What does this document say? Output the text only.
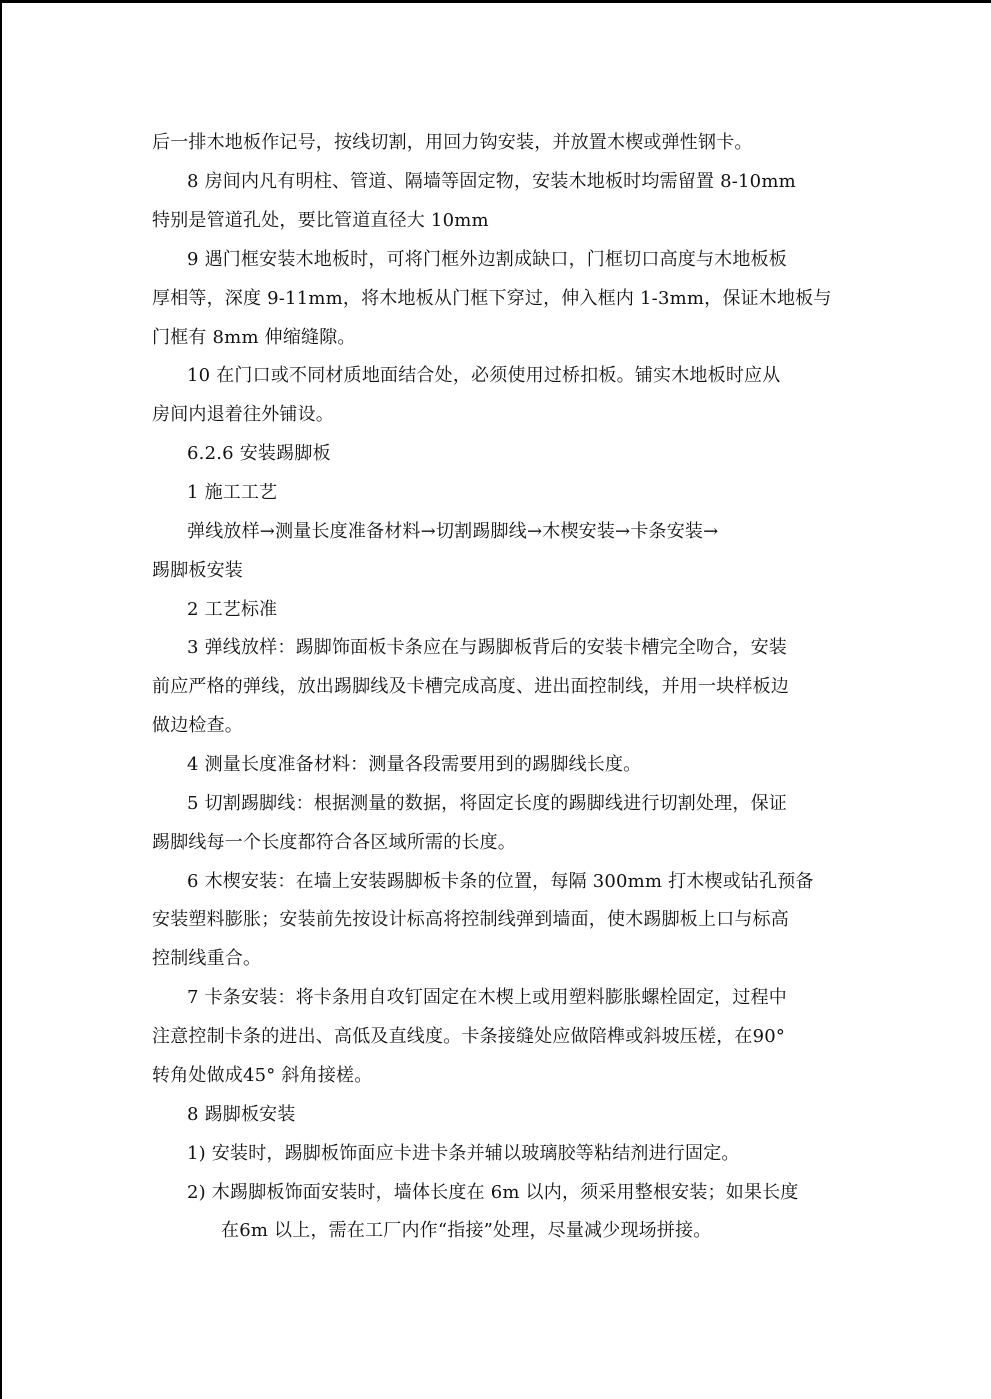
后一排木地板作记号，按线切割，用回力钩安装，并放置木楔或弹性钢卡。
8 房间内凡有明柱、管道、隔墙等固定物，安装木地板时均需留置 8-10mm
特别是管道孔处，要比管道直径大 10mm
9 遇门框安装木地板时，可将门框外边割成缺口，门框切口高度与木地板板
厚相等，深度 9-11mm，将木地板从门框下穿过，伸入框内 1-3mm，保证木地板与
门框有 8mm 伸缩缝隙。
10 在门口或不同材质地面结合处，必须使用过桥扣板。铺实木地板时应从
房间内退着往外铺设。
6.2.6 安装踢脚板
1 施工工艺
弹线放样→测量长度准备材料→切割踢脚线→木楔安装→卡条安装→
踢脚板安装
2 工艺标准
3 弹线放样：踢脚饰面板卡条应在与踢脚板背后的安装卡槽完全吻合，安装
前应严格的弹线，放出踢脚线及卡槽完成高度、进出面控制线，并用一块样板边
做边检查。
4 测量长度准备材料：测量各段需要用到的踢脚线长度。
5 切割踢脚线：根据测量的数据，将固定长度的踢脚线进行切割处理，保证
踢脚线每一个长度都符合各区域所需的长度。
6 木楔安装：在墙上安装踢脚板卡条的位置，每隔 300mm 打木楔或钻孔预备
安装塑料膨胀；安装前先按设计标高将控制线弹到墙面，使木踢脚板上口与标高
控制线重合。
7 卡条安装：将卡条用自攻钉固定在木楔上或用塑料膨胀螺栓固定，过程中
注意控制卡条的进出、高低及直线度。卡条接缝处应做陪榫或斜坡压槎，在90°
转角处做成45° 斜角接槎。
8 踢脚板安装
1) 安装时，踢脚板饰面应卡进卡条并辅以玻璃胶等粘结剂进行固定。
2) 木踢脚板饰面安装时，墙体长度在 6m 以内，须采用整根安装；如果长度
在6m 以上，需在工厂内作“指接”处理，尽量减少现场拼接。
